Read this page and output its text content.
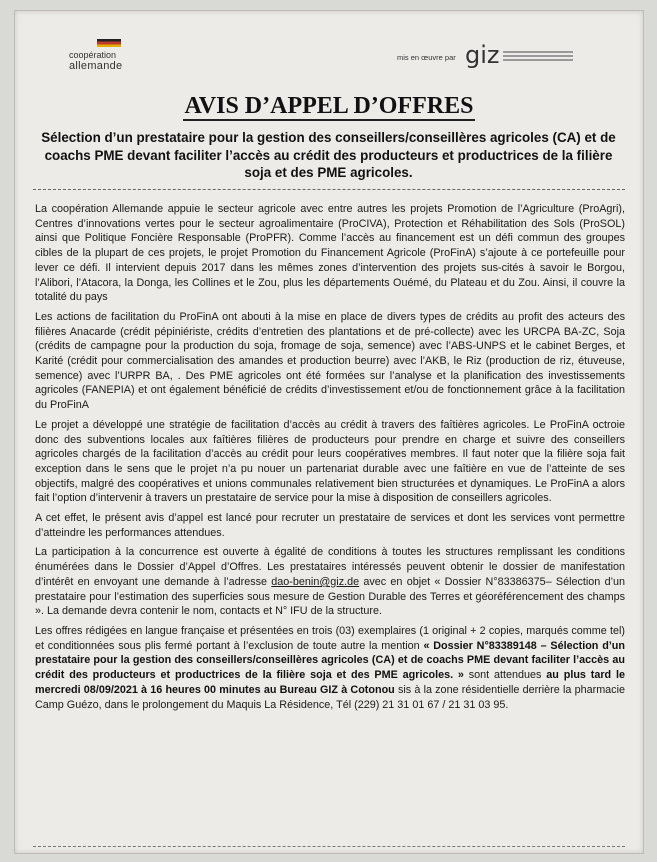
coopération
allemande
mis en œuvre par giz
AVIS D’APPEL D’OFFRES
Sélection d’un prestataire pour la gestion des conseillers/conseillères agricoles (CA) et de coachs PME devant faciliter l’accès au crédit des producteurs et productrices de la filière soja et des PME agricoles.

La coopération Allemande appuie le secteur agricole avec entre autres les projets Promotion de l’Agriculture (ProAgri), Centres d’innovations vertes pour le secteur agroalimentaire (ProCIVA), Protection et Réhabilitation des Sols (ProSOL) ainsi que Politique Foncière Responsable (ProPFR). Comme l’accès au financement est un défi commun des groupes cibles de la plupart de ces projets, le projet Promotion du Financement Agricole (ProFinA) s’ajoute à ce portefeuille pour lever ce défi. Il intervient depuis 2017 dans les mêmes zones d’intervention des projets sus-cités à savoir le Borgou, l’Alibori, l’Atacora, la Donga, les Collines et le Zou, plus les départements Ouémé, du Plateau et du Zou. Ainsi, il couvre la totalité du pays

Les actions de facilitation du ProFinA ont abouti à la mise en place de divers types de crédits au profit des acteurs des filières Anacarde (crédit pépiniériste, crédits d’entretien des plantations et de pré-collecte) avec les URCPA BA-ZC, Soja (crédits de campagne pour la production du soja, fromage de soja, semence) avec l’ABS-UNPS et le cabinet Berges, et Karité (crédit pour commercialisation des amandes et production beurre) avec l’AKB, le Riz (production de riz, étuveuse, semence) avec l’URPR BA, . Des PME agricoles ont été formées sur l’analyse et la planification des investissements agricoles (FANEPIA) et ont également bénéficié de crédits d’investissement et/ou de fonctionnement grâce à la facilitation du ProFinA

Le projet a développé une stratégie de facilitation d’accès au crédit à travers des faîtières agricoles. Le ProFinA octroie donc des subventions locales aux faîtières filières de producteurs pour prendre en charge et suivre des conseillers agricoles chargés de la facilitation d’accès au crédit pour leurs coopératives membres. Il faut noter que la filière soja fait exception dans le sens que le projet n’a pu nouer un partenariat durable avec une faîtière en vue de l’atteinte de ses objectifs, malgré des coopératives et unions communales relativement bien structurées et dynamiques. Le ProFinA a alors fait l’option d’intervenir à travers un prestataire de service pour la mise à disposition de conseillers agricoles.

A cet effet, le présent avis d’appel est lancé pour recruter un prestataire de services et dont les services vont permettre d’atteindre les performances attendues.

La participation à la concurrence est ouverte à égalité de conditions à toutes les structures remplissant les conditions énumérées dans le Dossier d’Appel d’Offres. Les prestataires intéressés peuvent obtenir le dossier de manifestation d’intérêt en envoyant une demande à l’adresse dao-benin@giz.de avec en objet « Dossier N°83386375– Sélection d’un prestataire pour l’estimation des superficies sous mesure de Gestion Durable des Terres et géoréférencement des champs ». La demande devra contenir le nom, contacts et N° IFU de la structure.

Les offres rédigées en langue française et présentées en trois (03) exemplaires (1 original + 2 copies, marqués comme tel) et conditionnées sous plis fermé portant à l’exclusion de toute autre la mention « Dossier N°83389148 – Sélection d’un prestataire pour la gestion des conseillers/conseillères agricoles (CA) et de coachs PME devant faciliter l’accès au crédit des producteurs et productrices de la filière soja et des PME agricoles. » sont attendues au plus tard le mercredi 08/09/2021 à 16 heures 00 minutes au Bureau GIZ à Cotonou sis à la zone résidentielle derrière la pharmacie Camp Guézo, dans le prolongement du Maquis La Résidence, Tél (229) 21 31 01 67 / 21 31 03 95.
